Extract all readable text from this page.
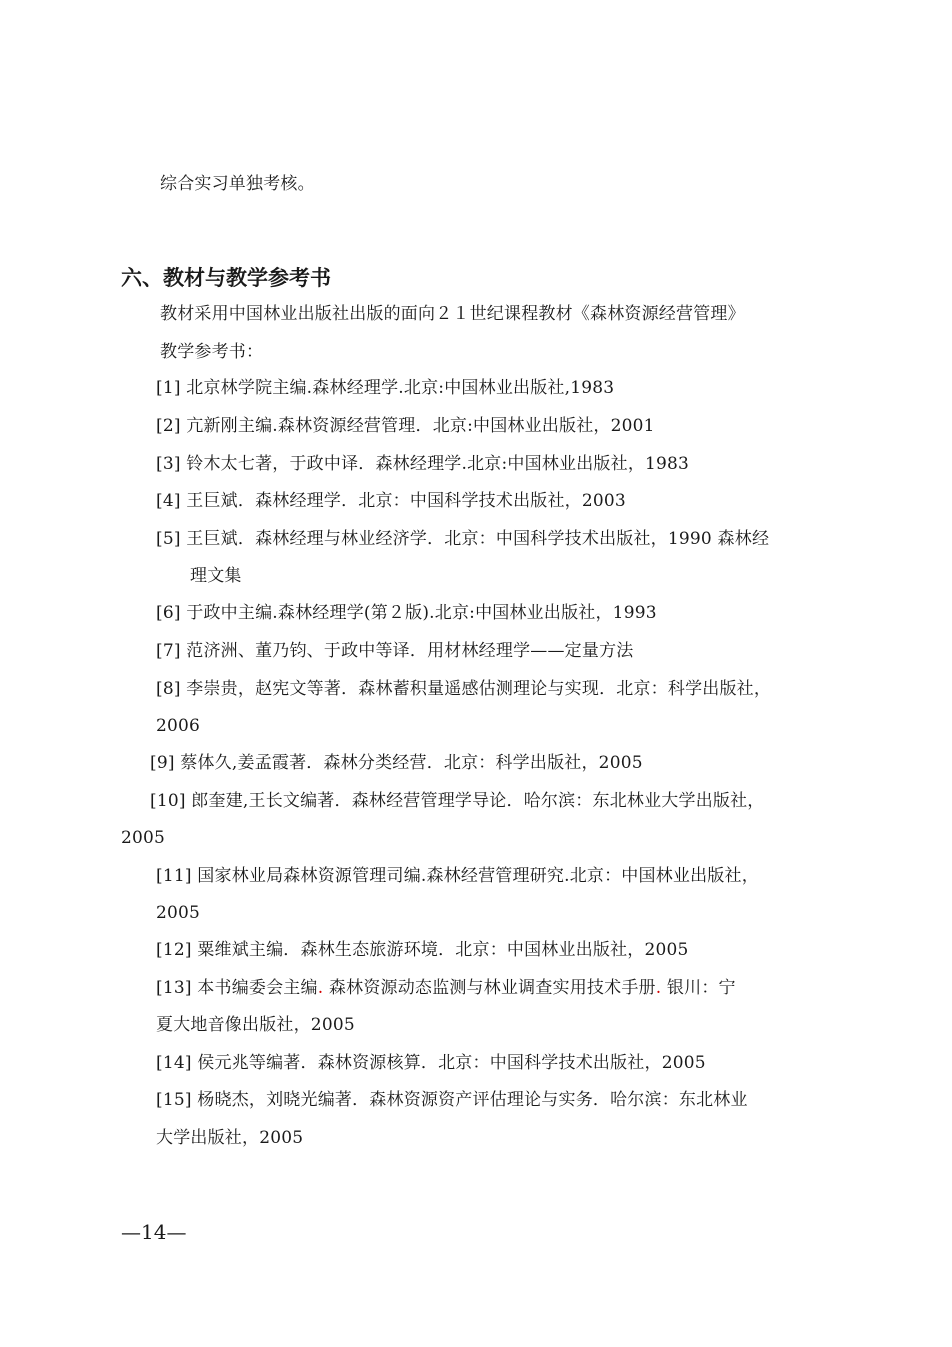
综合实习单独考核。
六、教材与教学参考书
教材采用中国林业出版社出版的面向２１世纪课程教材《森林资源经营管理》
教学参考书：
[1] 北京林学院主编.森林经理学.北京:中国林业出版社,1983
[2] 亢新刚主编.森林资源经营管理．北京:中国林业出版社，2001
[3] 铃木太七著，于政中译．森林经理学.北京:中国林业出版社，1983
[4] 王巨斌．森林经理学．北京：中国科学技术出版社，2003
[5] 王巨斌．森林经理与林业经济学．北京：中国科学技术出版社，1990 森林经
理文集
[6] 于政中主编.森林经理学(第２版).北京:中国林业出版社，1993
[7] 范济洲、董乃钧、于政中等译．用材林经理学——定量方法
[8] 李崇贵，赵宪文等著．森林蓄积量遥感估测理论与实现．北京：科学出版社，
2006
[9] 蔡体久,姜孟霞著．森林分类经营．北京：科学出版社，2005
[10] 郎奎建,王长文编著．森林经营管理学导论．哈尔滨：东北林业大学出版社，
2005
[11] 国家林业局森林资源管理司编.森林经营管理研究.北京：中国林业出版社，
2005
[12] 粟维斌主编．森林生态旅游环境．北京：中国林业出版社，2005
[13] 本书编委会主编. 森林资源动态监测与林业调查实用技术手册. 银川：宁
夏大地音像出版社，2005
[14] 侯元兆等编著．森林资源核算．北京：中国科学技术出版社，2005
[15] 杨晓杰，刘晓光编著．森林资源资产评估理论与实务．哈尔滨：东北林业
大学出版社，2005
—14—
